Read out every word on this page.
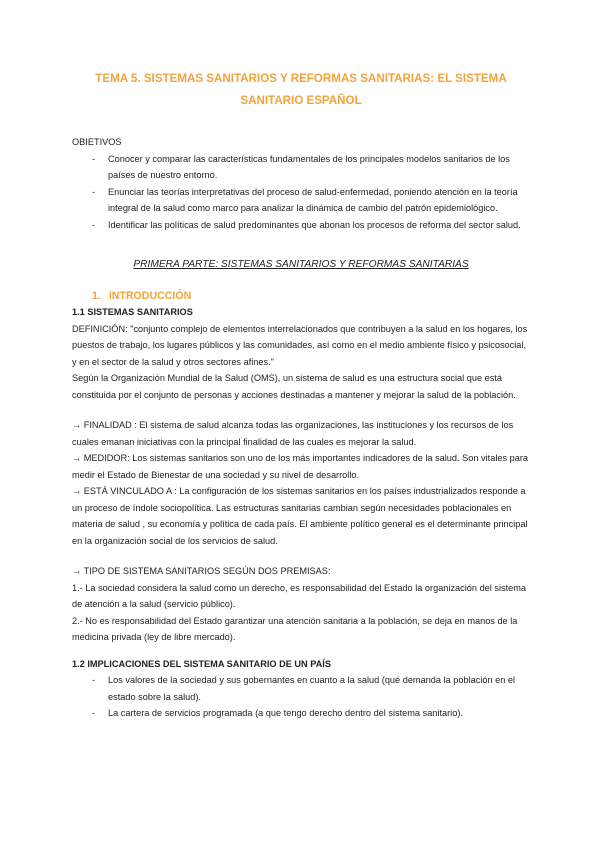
TEMA 5. SISTEMAS SANITARIOS Y REFORMAS SANITARIAS: EL SISTEMA
SANITARIO ESPAÑOL

OBIETIVOS

- Conocer y comparar las características fundamentales de los principales modelos sanitarios de los países de nuestro entorno.
- Enunciar las teorías interpretativas del proceso de salud-enfermedad, poniendo atención en la teoría integral de la salud como marco para analizar la dinámica de cambio del patrón epidemiológico.
- Identificar las políticas de salud predominantes que abonan los procesos de reforma del sector salud.

PRIMERA PARTE: SISTEMAS SANITARIOS Y REFORMAS SANITARIAS

1. INTRODUCCIÓN

1.1 SISTEMAS SANITARIOS

DEFINICIÓN: "conjunto complejo de elementos interrelacionados que contribuyen a la salud en los hogares, los puestos de trabajo, los lugares públicos y las comunidades, así como en el medio ambiente físico y psicosocial, y en el sector de la salud y otros sectores afines."

Según la Organización Mundial de la Salud (OMS), un sistema de salud es una estructura social que está constituida por el conjunto de personas y acciones destinadas a mantener y mejorar la salud de la población.

→ FINALIDAD : El sistema de salud alcanza todas las organizaciones, las instituciones y los recursos de los cuales emanan iniciativas con la principal finalidad de las cuales es mejorar la salud.

→ MEDIDOR: Los sistemas sanitarios son uno de los más importantes indicadores de la salud. Son vitales para medir el Estado de Bienestar de una sociedad y su nivel de desarrollo.

→ ESTÁ VINCULADO A : La configuración de los sistemas sanitarios en los países industrializados responde a un proceso de índole sociopolítica. Las estructuras sanitarias cambian según necesidades poblacionales en materia de salud , su economía y política de cada país. El ambiente político general es el determinante principal en la organización social de los servicios de salud.

→ TIPO DE SISTEMA SANITARIOS SEGÚN DOS PREMISAS:

1.- La sociedad considera la salud como un derecho, es responsabilidad del Estado la organización del sistema de atención a la salud (servicio público).

2.- No es responsabilidad del Estado garantizar una atención sanitaria a la población, se deja en manos de la medicina privada (ley de libre mercado).

1.2 IMPLICACIONES DEL SISTEMA SANITARIO DE UN PAÍS

- Los valores de la sociedad y sus gobernantes en cuanto a la salud (qué demanda la población en el estado sobre la salud).
- La cartera de servicios programada (a que tengo derecho dentro del sistema sanitario).
